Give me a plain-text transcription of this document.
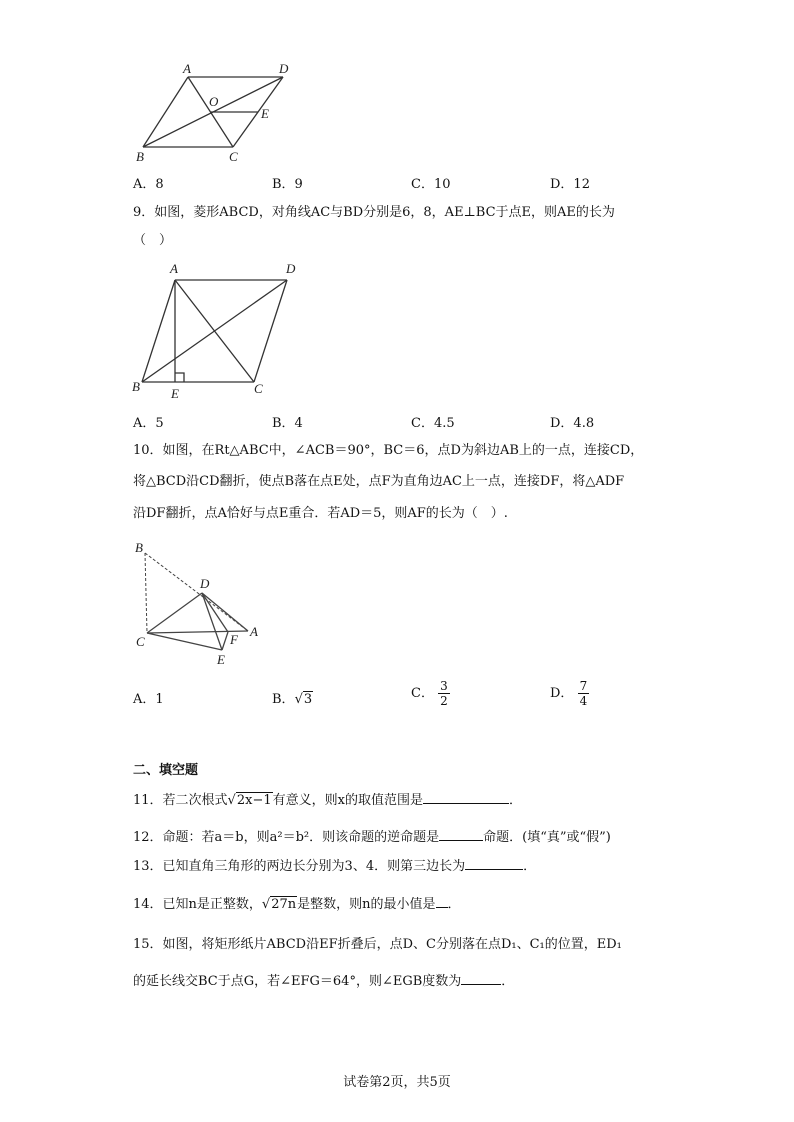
A	D
O
E
B	C
A．8	B．9	C．10	D．12
9．如图，菱形ABCD，对角线AC与BD分别是6，8，AE⊥BC于点E，则AE的长为
（　）
A	D
B E	C
A．5	B．4	C．4.5	D．4.8
10．如图，在Rt△ABC中，∠ACB＝90°，BC＝6，点D为斜边AB上的一点，连接CD，
将△BCD沿CD翻折，使点B落在点E处，点F为直角边AC上一点，连接DF，将△ADF
沿DF翻折，点A恰好与点E重合．若AD＝5，则AF的长为（　）.
B
D
C	F
A
E
A．1	B．√3	C． $\frac{3}{2}$	D． $\frac{7}{4}$
二、填空题
11．若二次根式√2x−1有意义，则x的取值范围是	．
12．命题：若a＝b，则a²＝b²．则该命题的逆命题是	命题．(填“真”或“假”)
13．已知直角三角形的两边长分别为3、4．则第三边长为	．
14．已知n是正整数，√27n是整数，则n的最小值是 ．
15．如图，将矩形纸片ABCD沿EF折叠后，点D、C分别落在点D₁、C₁的位置，ED₁
的延长线交BC于点G，若∠EFG＝64°，则∠EGB度数为	．
试卷第2页，共5页
